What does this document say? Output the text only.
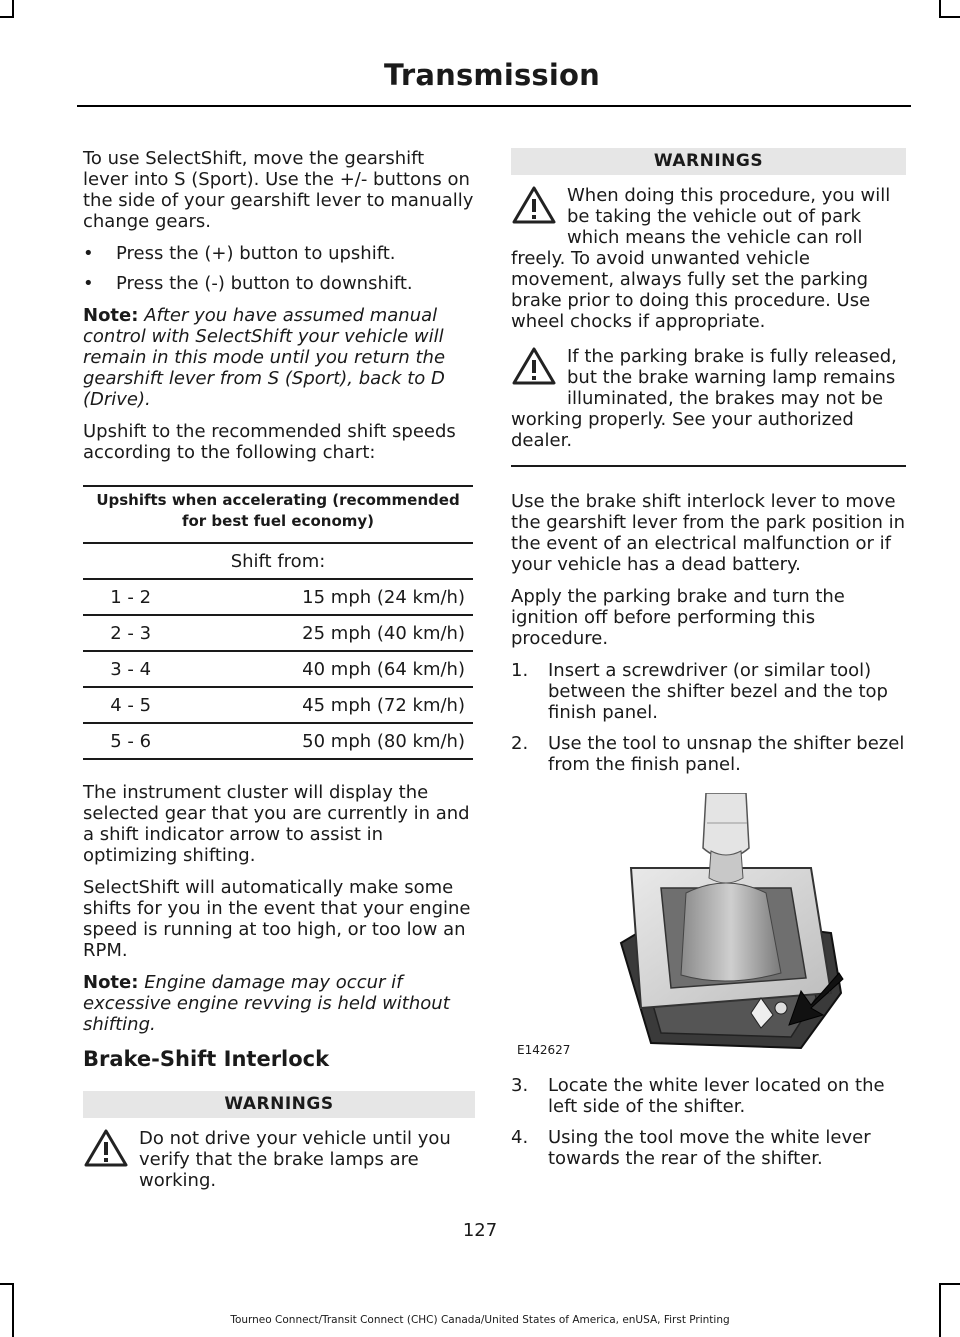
Transmission

To use SelectShift, move the gearshift lever into S (Sport). Use the +/- buttons on the side of your gearshift lever to manually change gears.

• Press the (+) button to upshift.
• Press the (-) button to downshift.

Note: After you have assumed manual control with SelectShift your vehicle will remain in this mode until you return the gearshift lever from S (Sport), back to D (Drive).

Upshift to the recommended shift speeds according to the following chart:

Upshifts when accelerating (recommended for best fuel economy)	
Shift from:	
1 - 2	15 mph (24 km/h)
2 - 3	25 mph (40 km/h)
3 - 4	40 mph (64 km/h)
4 - 5	45 mph (72 km/h)
5 - 6	50 mph (80 km/h)

The instrument cluster will display the selected gear that you are currently in and a shift indicator arrow to assist in optimizing shifting.

SelectShift will automatically make some shifts for you in the event that your engine speed is running at too high, or too low an RPM.

Note: Engine damage may occur if excessive engine revving is held without shifting.

Brake-Shift Interlock
WARNINGS
Do not drive your vehicle until you verify that the brake lamps are working.
WARNINGS
When doing this procedure, you will be taking the vehicle out of park which means the vehicle can roll freely. To avoid unwanted vehicle movement, always fully set the parking brake prior to doing this procedure. Use wheel chocks if appropriate.
If the parking brake is fully released, but the brake warning lamp remains illuminated, the brakes may not be working properly. See your authorized dealer.

Use the brake shift interlock lever to move the gearshift lever from the park position in the event of an electrical malfunction or if your vehicle has a dead battery.

Apply the parking brake and turn the ignition off before performing this procedure.

1. Insert a screwdriver (or similar tool) between the shifter bezel and the top finish panel.
2. Use the tool to unsnap the shifter bezel from the finish panel.
E142627
3. Locate the white lever located on the left side of the shifter.
4. Using the tool move the white lever towards the rear of the shifter.
127
Tourneo Connect/Transit Connect (CHC) Canada/United States of America, enUSA, First Printing
